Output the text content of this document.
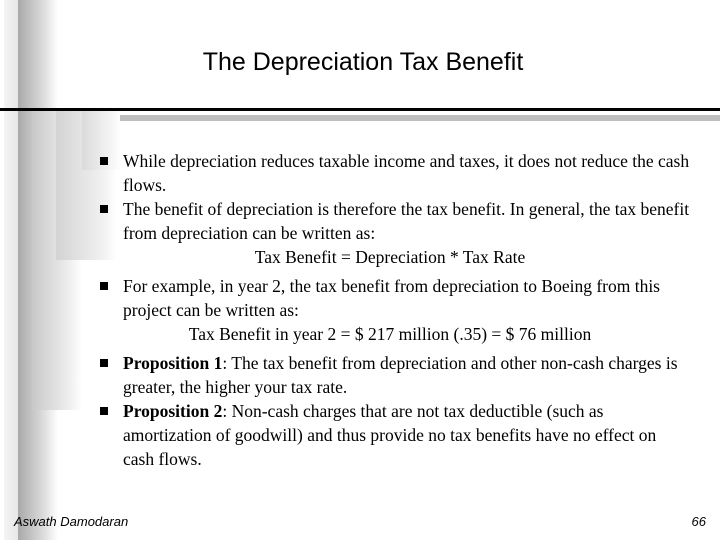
The Depreciation Tax Benefit
While depreciation reduces taxable income and taxes, it does not reduce the cash flows.
The benefit of depreciation is therefore the tax benefit. In general, the tax benefit from depreciation can be written as:
Tax Benefit = Depreciation * Tax Rate
For example, in year 2, the tax benefit from depreciation to Boeing from this project can be written as:
Tax Benefit in year 2 = $ 217 million (.35) = $ 76 million
Proposition 1: The tax benefit from depreciation and other non-cash charges is greater, the higher your tax rate.
Proposition 2: Non-cash charges that are not tax deductible (such as amortization of goodwill) and thus provide no tax benefits have no effect on cash flows.
Aswath Damodaran	66
